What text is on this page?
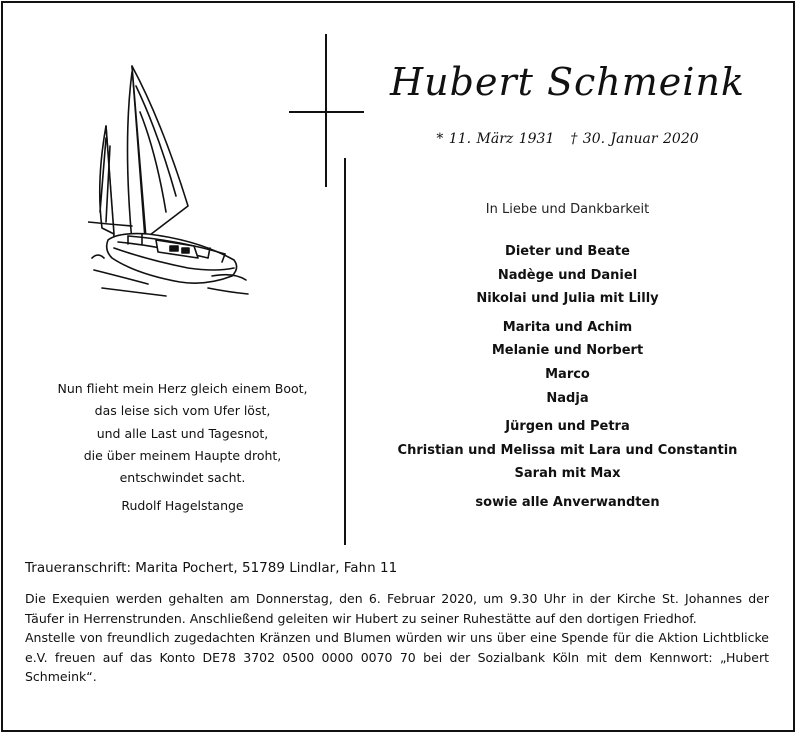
Nun flieht mein Herz gleich einem Boot,
das leise sich vom Ufer löst,
und alle Last und Tagesnot,
die über meinem Haupte droht,
entschwindet sacht.
Rudolf Hagelstange
Hubert Schmeink
* 11. März 1931 † 30. Januar 2020
In Liebe und Dankbarkeit
Dieter und Beate
Nadège und Daniel
Nikolai und Julia mit Lilly
Marita und Achim
Melanie und Norbert
Marco
Nadja
Jürgen und Petra
Christian und Melissa mit Lara und Constantin
Sarah mit Max
sowie alle Anverwandten
Traueranschrift: Marita Pochert, 51789 Lindlar, Fahn 11

Die Exequien werden gehalten am Donnerstag, den 6. Februar 2020, um 9.30 Uhr in der Kirche St. Johannes der Täufer in Herrenstrunden. Anschließend geleiten wir Hubert zu seiner Ruhestätte auf den dortigen Friedhof.

Anstelle von freundlich zugedachten Kränzen und Blumen würden wir uns über eine Spende für die Aktion Lichtblicke e.V. freuen auf das Konto DE78 3702 0500 0000 0070 70 bei der Sozialbank Köln mit dem Kennwort: „Hubert Schmeink“.
